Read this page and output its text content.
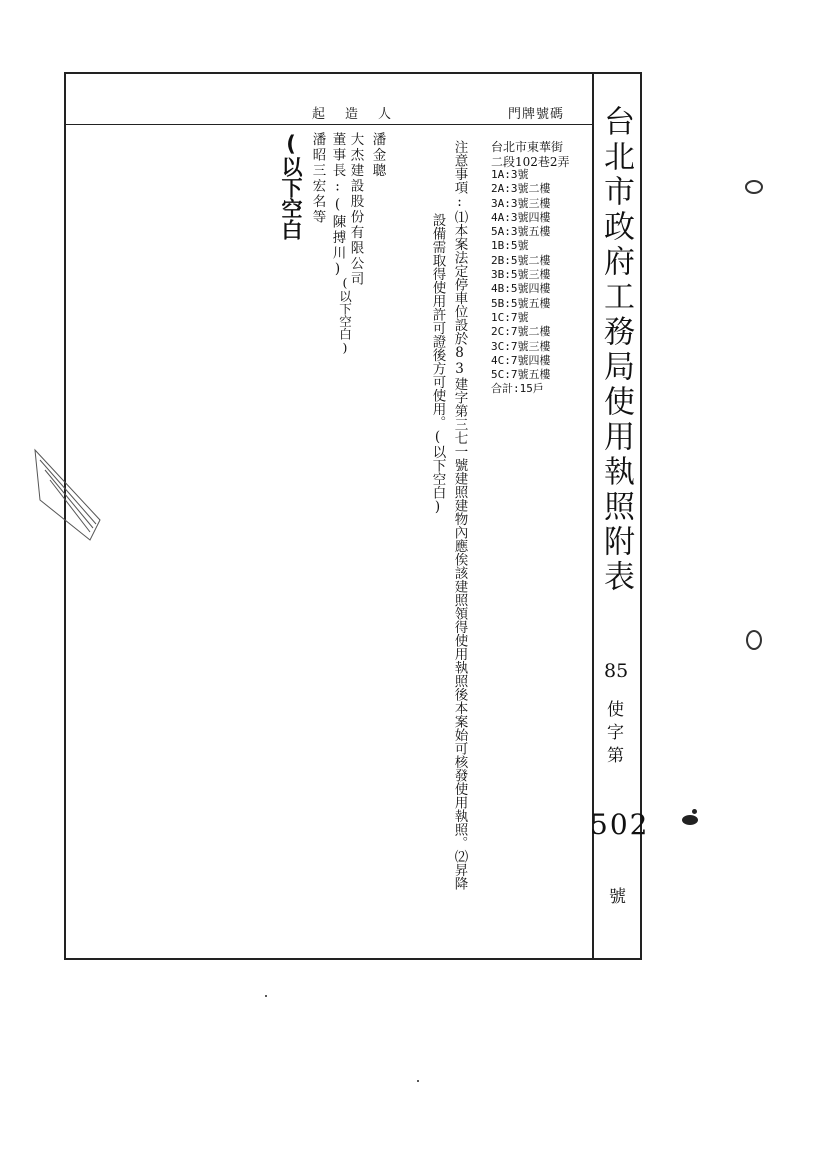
台北市政府工務局使用執照附表
85
使字第
502
號
門牌號碼
起造人
台北市東華街
二段102巷2弄
1A:3號
2A:3號二樓
3A:3號三樓
4A:3號四樓
5A:3號五樓
1B:5號
2B:5號二樓
3B:5號三樓
4B:5號四樓
5B:5號五樓
1C:7號
2C:7號二樓
3C:7號三樓
4C:7號四樓
5C:7號五樓
合計:15戶
注意事項:⑴本案法定停車位設於83建字第三七一號建照建物內應俟該建照領得使用執照後本案始可核發使用執照。⑵昇降
設備需取得使用許可證後方可使用。(以下空白)
潘金聰
大杰建設股份有限公司
董事長:(陳搏川)
潘昭三宏名等
(以下空白)
(以下空白
